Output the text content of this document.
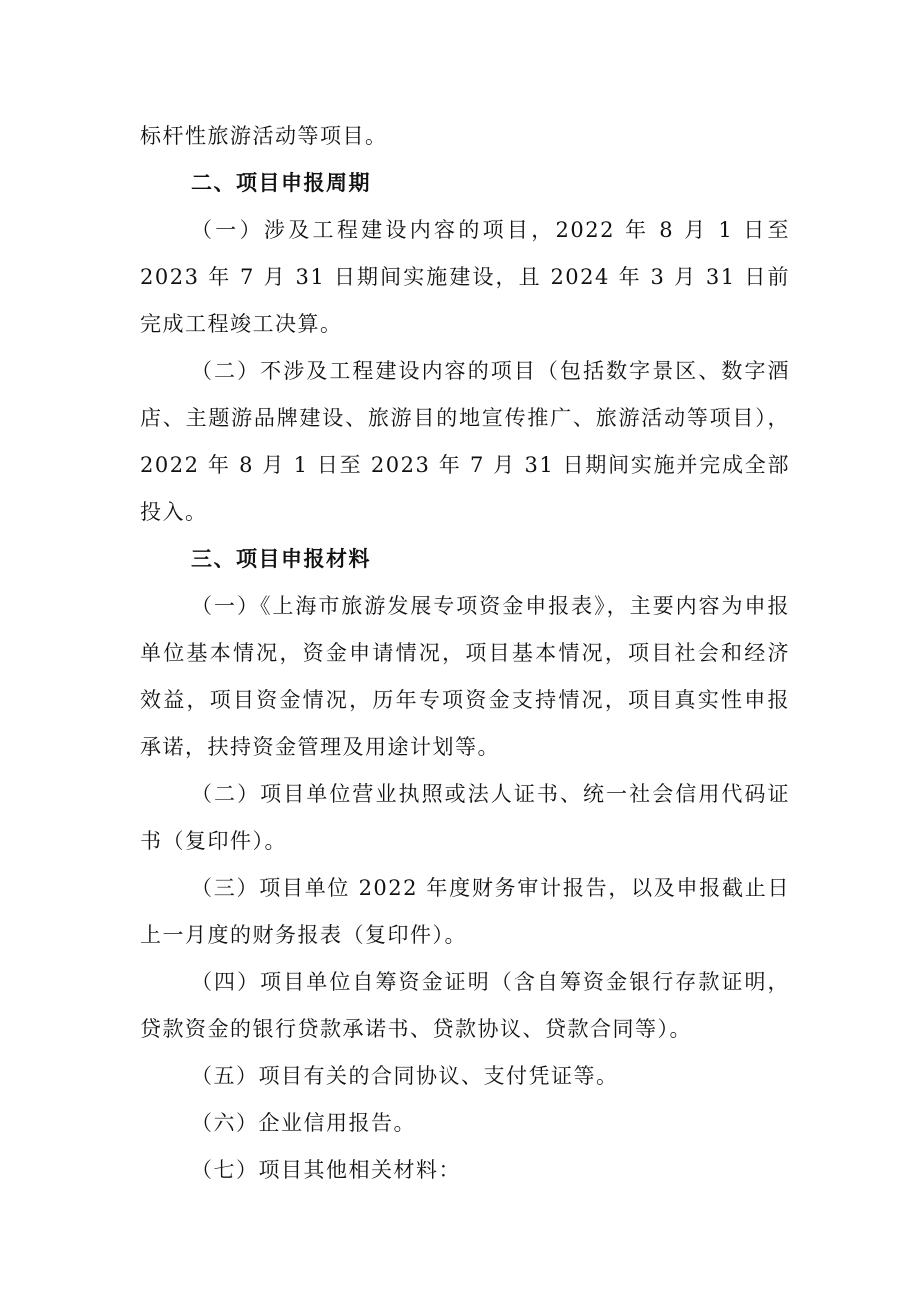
标杆性旅游活动等项目。

二、项目申报周期

（一）涉及工程建设内容的项目，2022 年 8 月 1 日至 2023 年 7 月 31 日期间实施建设，且 2024 年 3 月 31 日前完成工程竣工决算。

（二）不涉及工程建设内容的项目（包括数字景区、数字酒店、主题游品牌建设、旅游目的地宣传推广、旅游活动等项目），2022 年 8 月 1 日至 2023 年 7 月 31 日期间实施并完成全部投入。

三、项目申报材料

（一）《上海市旅游发展专项资金申报表》，主要内容为申报单位基本情况，资金申请情况，项目基本情况，项目社会和经济效益，项目资金情况，历年专项资金支持情况，项目真实性申报承诺，扶持资金管理及用途计划等。

（二）项目单位营业执照或法人证书、统一社会信用代码证书（复印件）。

（三）项目单位 2022 年度财务审计报告，以及申报截止日上一月度的财务报表（复印件）。

（四）项目单位自筹资金证明（含自筹资金银行存款证明，贷款资金的银行贷款承诺书、贷款协议、贷款合同等）。

（五）项目有关的合同协议、支付凭证等。

（六）企业信用报告。

（七）项目其他相关材料：
